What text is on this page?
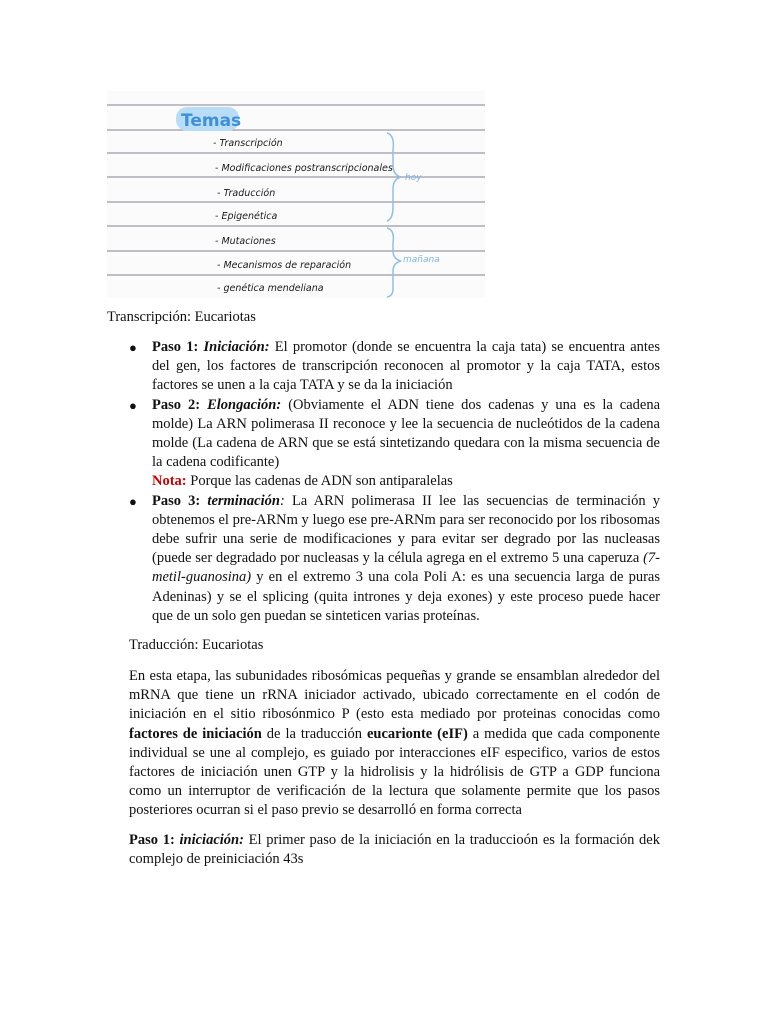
Temas
- Transcripción
- Modificaciones postranscripcionales
- Traducción
- Epigenética
- Mutaciones
- Mecanismos de reparación
- genética mendeliana
hoy
mañana
Transcripción: Eucariotas
● Paso 1: Iniciación: El promotor (donde se encuentra la caja tata) se encuentra antes del gen, los factores de transcripción reconocen al promotor y la caja TATA, estos factores se unen a la caja TATA y se da la iniciación
● Paso 2: Elongación: (Obviamente el ADN tiene dos cadenas y una es la cadena molde) La ARN polimerasa II reconoce y lee la secuencia de nucleótidos de la cadena molde (La cadena de ARN que se está sintetizando quedara con la misma secuencia de la cadena codificante)
Nota: Porque las cadenas de ADN son antiparalelas
● Paso 3: terminación: La ARN polimerasa II lee las secuencias de terminación y obtenemos el pre-ARNm y luego ese pre-ARNm para ser reconocido por los ribosomas debe sufrir una serie de modificaciones y para evitar ser degrado por las nucleasas (puede ser degradado por nucleasas y la célula agrega en el extremo 5 una caperuza (7-metil-guanosina) y en el extremo 3 una cola Poli A: es una secuencia larga de puras Adeninas) y se el splicing (quita intrones y deja exones) y este proceso puede hacer que de un solo gen puedan se sinteticen varias proteínas.
Traducción: Eucariotas

En esta etapa, las subunidades ribosómicas pequeñas y grande se ensamblan alrededor del mRNA que tiene un rRNA iniciador activado, ubicado correctamente en el codón de iniciación en el sitio ribosónmico P (esto esta mediado por proteinas conocidas como factores de iniciación de la traducción eucarionte (eIF) a medida que cada componente individual se une al complejo, es guiado por interacciones eIF especifico, varios de estos factores de iniciación unen GTP y la hidrolisis y la hidrólisis de GTP a GDP funciona como un interruptor de verificación de la lectura que solamente permite que los pasos posteriores ocurran si el paso previo se desarrolló en forma correcta

Paso 1: iniciación: El primer paso de la iniciación en la traduccioón es la formación dek complejo de preiniciación 43s
